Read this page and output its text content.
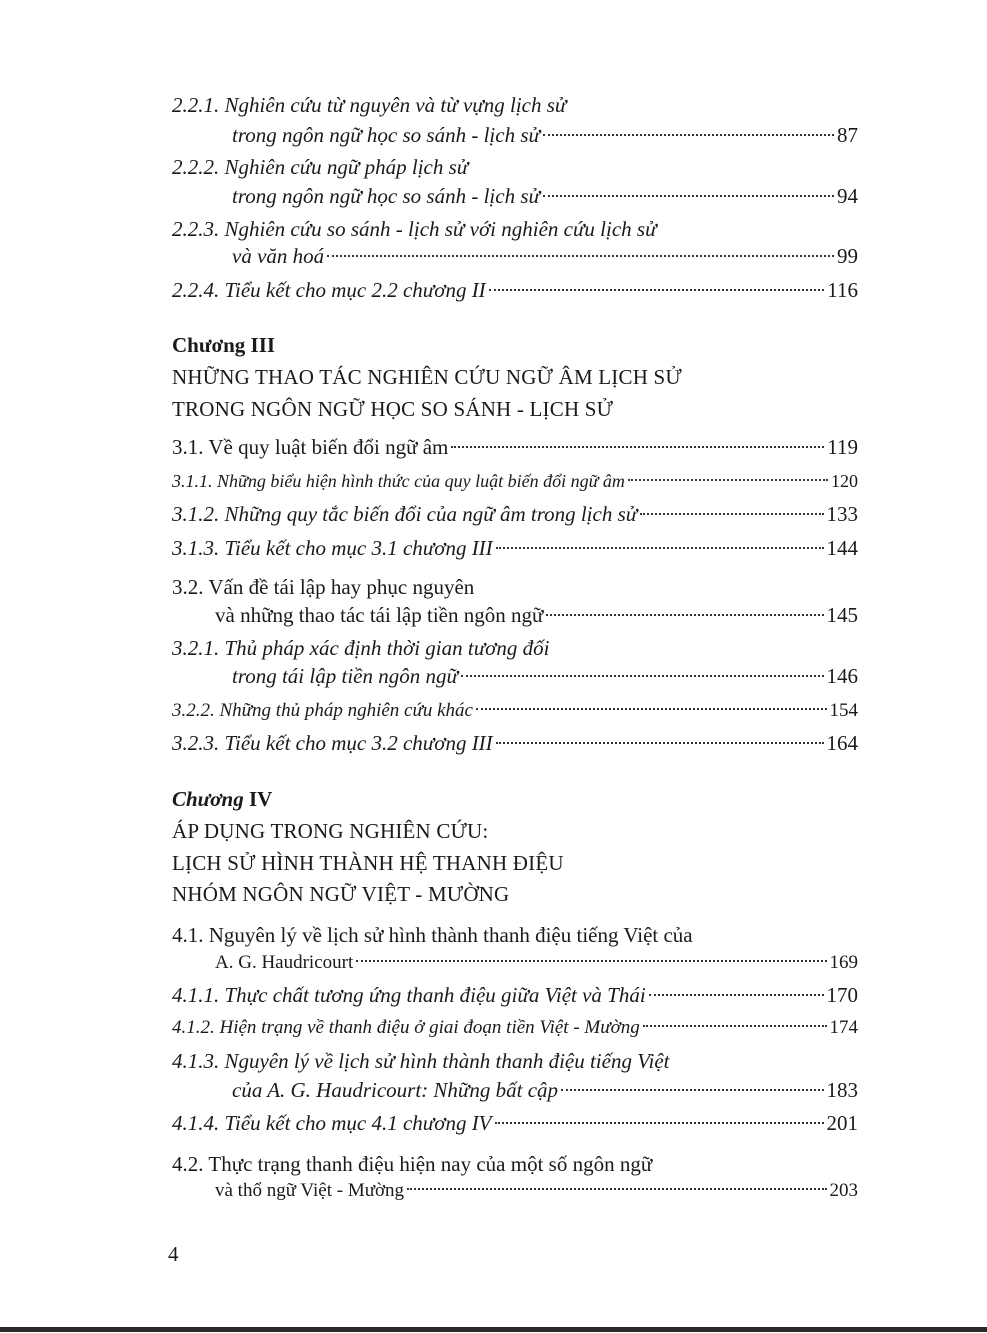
2.2.1. Nghiên cứu từ nguyên và từ vựng lịch sử
trong ngôn ngữ học so sánh - lịch sử	87
2.2.2. Nghiên cứu ngữ pháp lịch sử
trong ngôn ngữ học so sánh - lịch sử	94
2.2.3. Nghiên cứu so sánh - lịch sử với nghiên cứu lịch sử
và văn hoá	99
2.2.4. Tiểu kết cho mục 2.2 chương II	116
Chương III
NHỮNG THAO TÁC NGHIÊN CỨU NGỮ ÂM LỊCH SỬ
TRONG NGÔN NGỮ HỌC SO SÁNH - LỊCH SỬ
3.1. Về quy luật biến đổi ngữ âm	119
3.1.1. Những biểu hiện hình thức của quy luật biến đổi ngữ âm	120
3.1.2. Những quy tắc biến đổi của ngữ âm trong lịch sử	133
3.1.3. Tiểu kết cho mục 3.1 chương III	144
3.2. Vấn đề tái lập hay phục nguyên
và những thao tác tái lập tiền ngôn ngữ	145
3.2.1. Thủ pháp xác định thời gian tương đối
trong tái lập tiền ngôn ngữ	146
3.2.2. Những thủ pháp nghiên cứu khác	154
3.2.3. Tiểu kết cho mục 3.2 chương III	164
Chương IV
ÁP DỤNG TRONG NGHIÊN CỨU:
LỊCH SỬ HÌNH THÀNH HỆ THANH ĐIỆU
NHÓM NGÔN NGỮ VIỆT - MƯỜNG
4.1. Nguyên lý về lịch sử hình thành thanh điệu tiếng Việt của
A. G. Haudricourt	169
4.1.1. Thực chất tương ứng thanh điệu giữa Việt và Thái	170
4.1.2. Hiện trạng về thanh điệu ở giai đoạn tiền Việt - Mường	174
4.1.3. Nguyên lý về lịch sử hình thành thanh điệu tiếng Việt
của A. G. Haudricourt: Những bất cập	183
4.1.4. Tiểu kết cho mục 4.1 chương IV	201
4.2. Thực trạng thanh điệu hiện nay của một số ngôn ngữ
và thổ ngữ Việt - Mường	203
4
